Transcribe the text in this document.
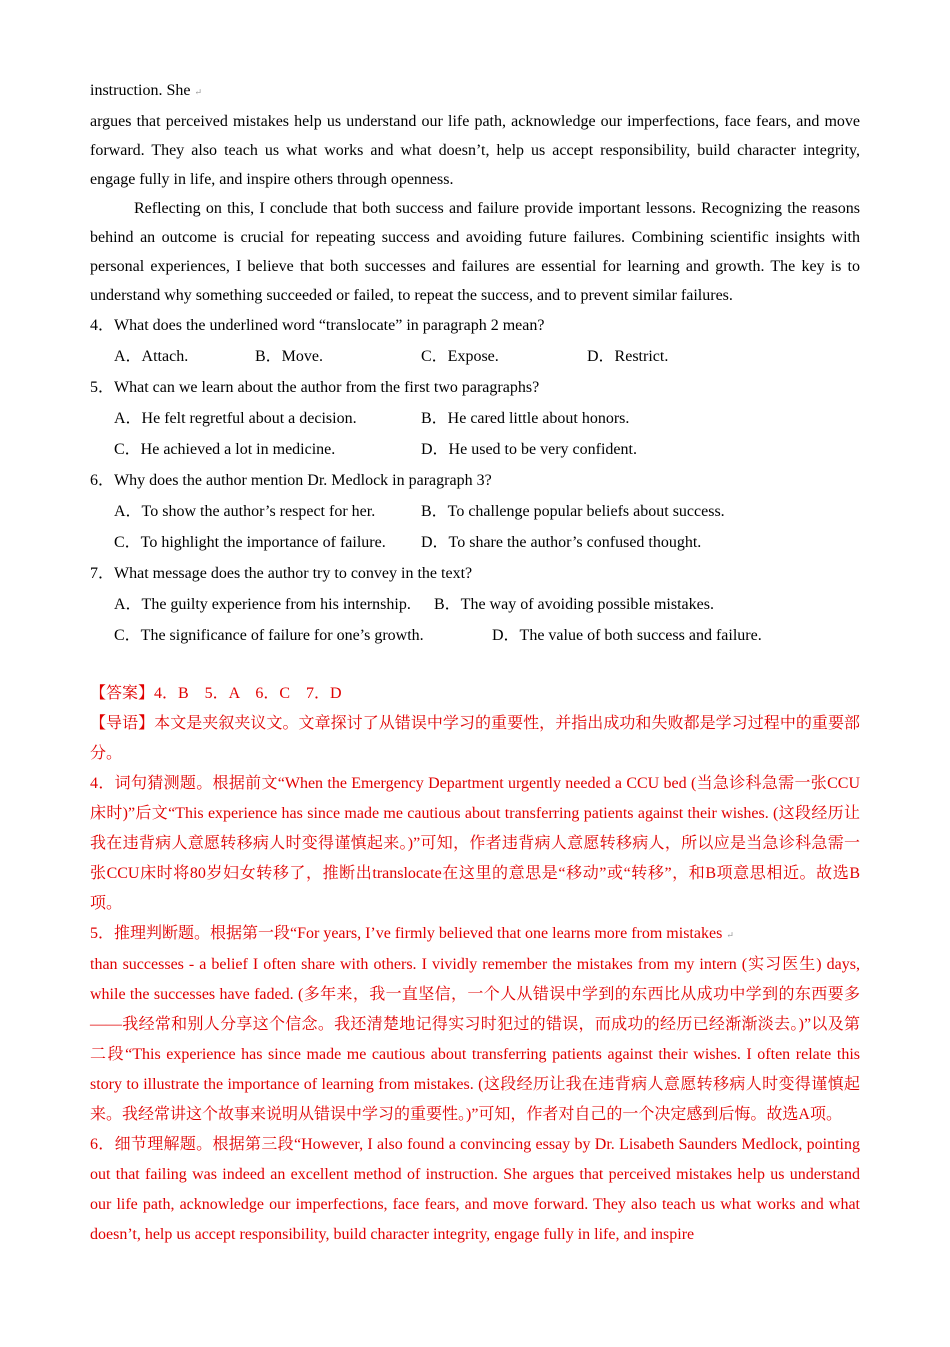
instruction. She ↵

argues that perceived mistakes help us understand our life path, acknowledge our imperfections, face fears, and move forward. They also teach us what works and what doesn’t, help us accept responsibility, build character integrity, engage fully in life, and inspire others through openness.

Reflecting on this, I conclude that both success and failure provide important lessons. Recognizing the reasons behind an outcome is crucial for repeating success and avoiding future failures. Combining scientific insights with personal experiences, I believe that both successes and failures are essential for learning and growth. The key is to understand why something succeeded or failed, to repeat the success, and to prevent similar failures.

4．What does the underlined word “translocate” in paragraph 2 mean?
A．Attach.	B．Move.	C．Expose.	D．Restrict.
5．What can we learn about the author from the first two paragraphs?
A．He felt regretful about a decision.	B．He cared little about honors.
C．He achieved a lot in medicine.	D．He used to be very confident.
6．Why does the author mention Dr. Medlock in paragraph 3?
A．To show the author’s respect for her.	B．To challenge popular beliefs about success.
C．To highlight the importance of failure. D．To share the author’s confused thought.
7．What message does the author try to convey in the text?
A．The guilty experience from his internship. B．The way of avoiding possible mistakes.
C．The significance of failure for one’s growth.	D．The value of both success and failure.

【答案】4．B　5．A　6．C　7．D

【导语】本文是夹叙夹议文。文章探讨了从错误中学习的重要性，并指出成功和失败都是学习过程中的重要部分。

4．词句猜测题。根据前文“When the Emergency Department urgently needed a CCU bed (当急诊科急需一张CCU床时)”后文“This experience has since made me cautious about transferring patients against their wishes. (这段经历让我在违背病人意愿转移病人时变得谨慎起来。)”可知，作者违背病人意愿转移病人，所以应是当急诊科急需一张CCU床时将80岁妇女转移了，推断出translocate在这里的意思是“移动”或“转移”，和B项意思相近。故选B项。

5．推理判断题。根据第一段“For years, I’ve firmly believed that one learns more from mistakes ↵

than successes - a belief I often share with others. I vividly remember the mistakes from my intern (实习医生) days, while the successes have faded. (多年来，我一直坚信，一个人从错误中学到的东西比从成功中学到的东西要多——我经常和别人分享这个信念。我还清楚地记得实习时犯过的错误，而成功的经历已经渐渐淡去。)”以及第二段“This experience has since made me cautious about transferring patients against their wishes. I often relate this story to illustrate the importance of learning from mistakes. (这段经历让我在违背病人意愿转移病人时变得谨慎起来。我经常讲这个故事来说明从错误中学习的重要性。)”可知，作者对自己的一个决定感到后悔。故选A项。

6．细节理解题。根据第三段“However, I also found a convincing essay by Dr. Lisabeth Saunders Medlock, pointing out that failing was indeed an excellent method of instruction. She argues that perceived mistakes help us understand our life path, acknowledge our imperfections, face fears, and move forward. They also teach us what works and what doesn’t, help us accept responsibility, build character integrity, engage fully in life, and inspire
